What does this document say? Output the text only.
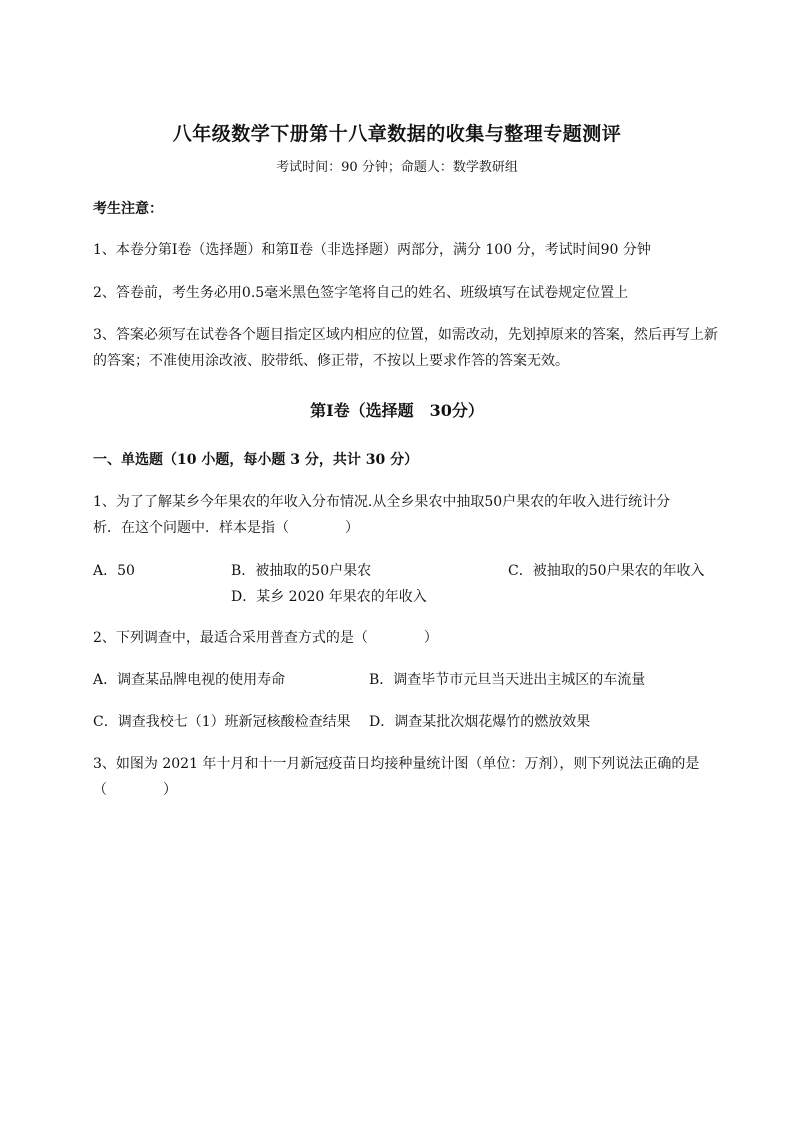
八年级数学下册第十八章数据的收集与整理专题测评
考试时间：90 分钟；命题人：数学教研组
考生注意：
1、本卷分第Ⅰ卷（选择题）和第Ⅱ卷（非选择题）两部分，满分 100 分，考试时间90 分钟
2、答卷前，考生务必用0.5毫米黑色签字笔将自己的姓名、班级填写在试卷规定位置上
3、答案必须写在试卷各个题目指定区域内相应的位置，如需改动，先划掉原来的答案，然后再写上新
的答案；不准使用涂改液、胶带纸、修正带，不按以上要求作答的答案无效。
第Ⅰ卷（选择题　30分）
一、单选题（10 小题，每小题 3 分，共计 30 分）
1、为了了解某乡今年果农的年收入分布情况.从全乡果农中抽取50户果农的年收入进行统计分
析．在这个问题中．样本是指（　　　　）
A．50	B．被抽取的50户果农	C．被抽取的50户果农的年收入
D．某乡 2020 年果农的年收入
2、下列调查中，最适合采用普查方式的是（　　　　）
A．调查某品牌电视的使用寿命	B．调查毕节市元旦当天进出主城区的车流量
C．调查我校七（1）班新冠核酸检查结果 D．调查某批次烟花爆竹的燃放效果
3、如图为 2021 年十月和十一月新冠疫苗日均接种量统计图（单位：万剂），则下列说法正确的是
（　　　　）
